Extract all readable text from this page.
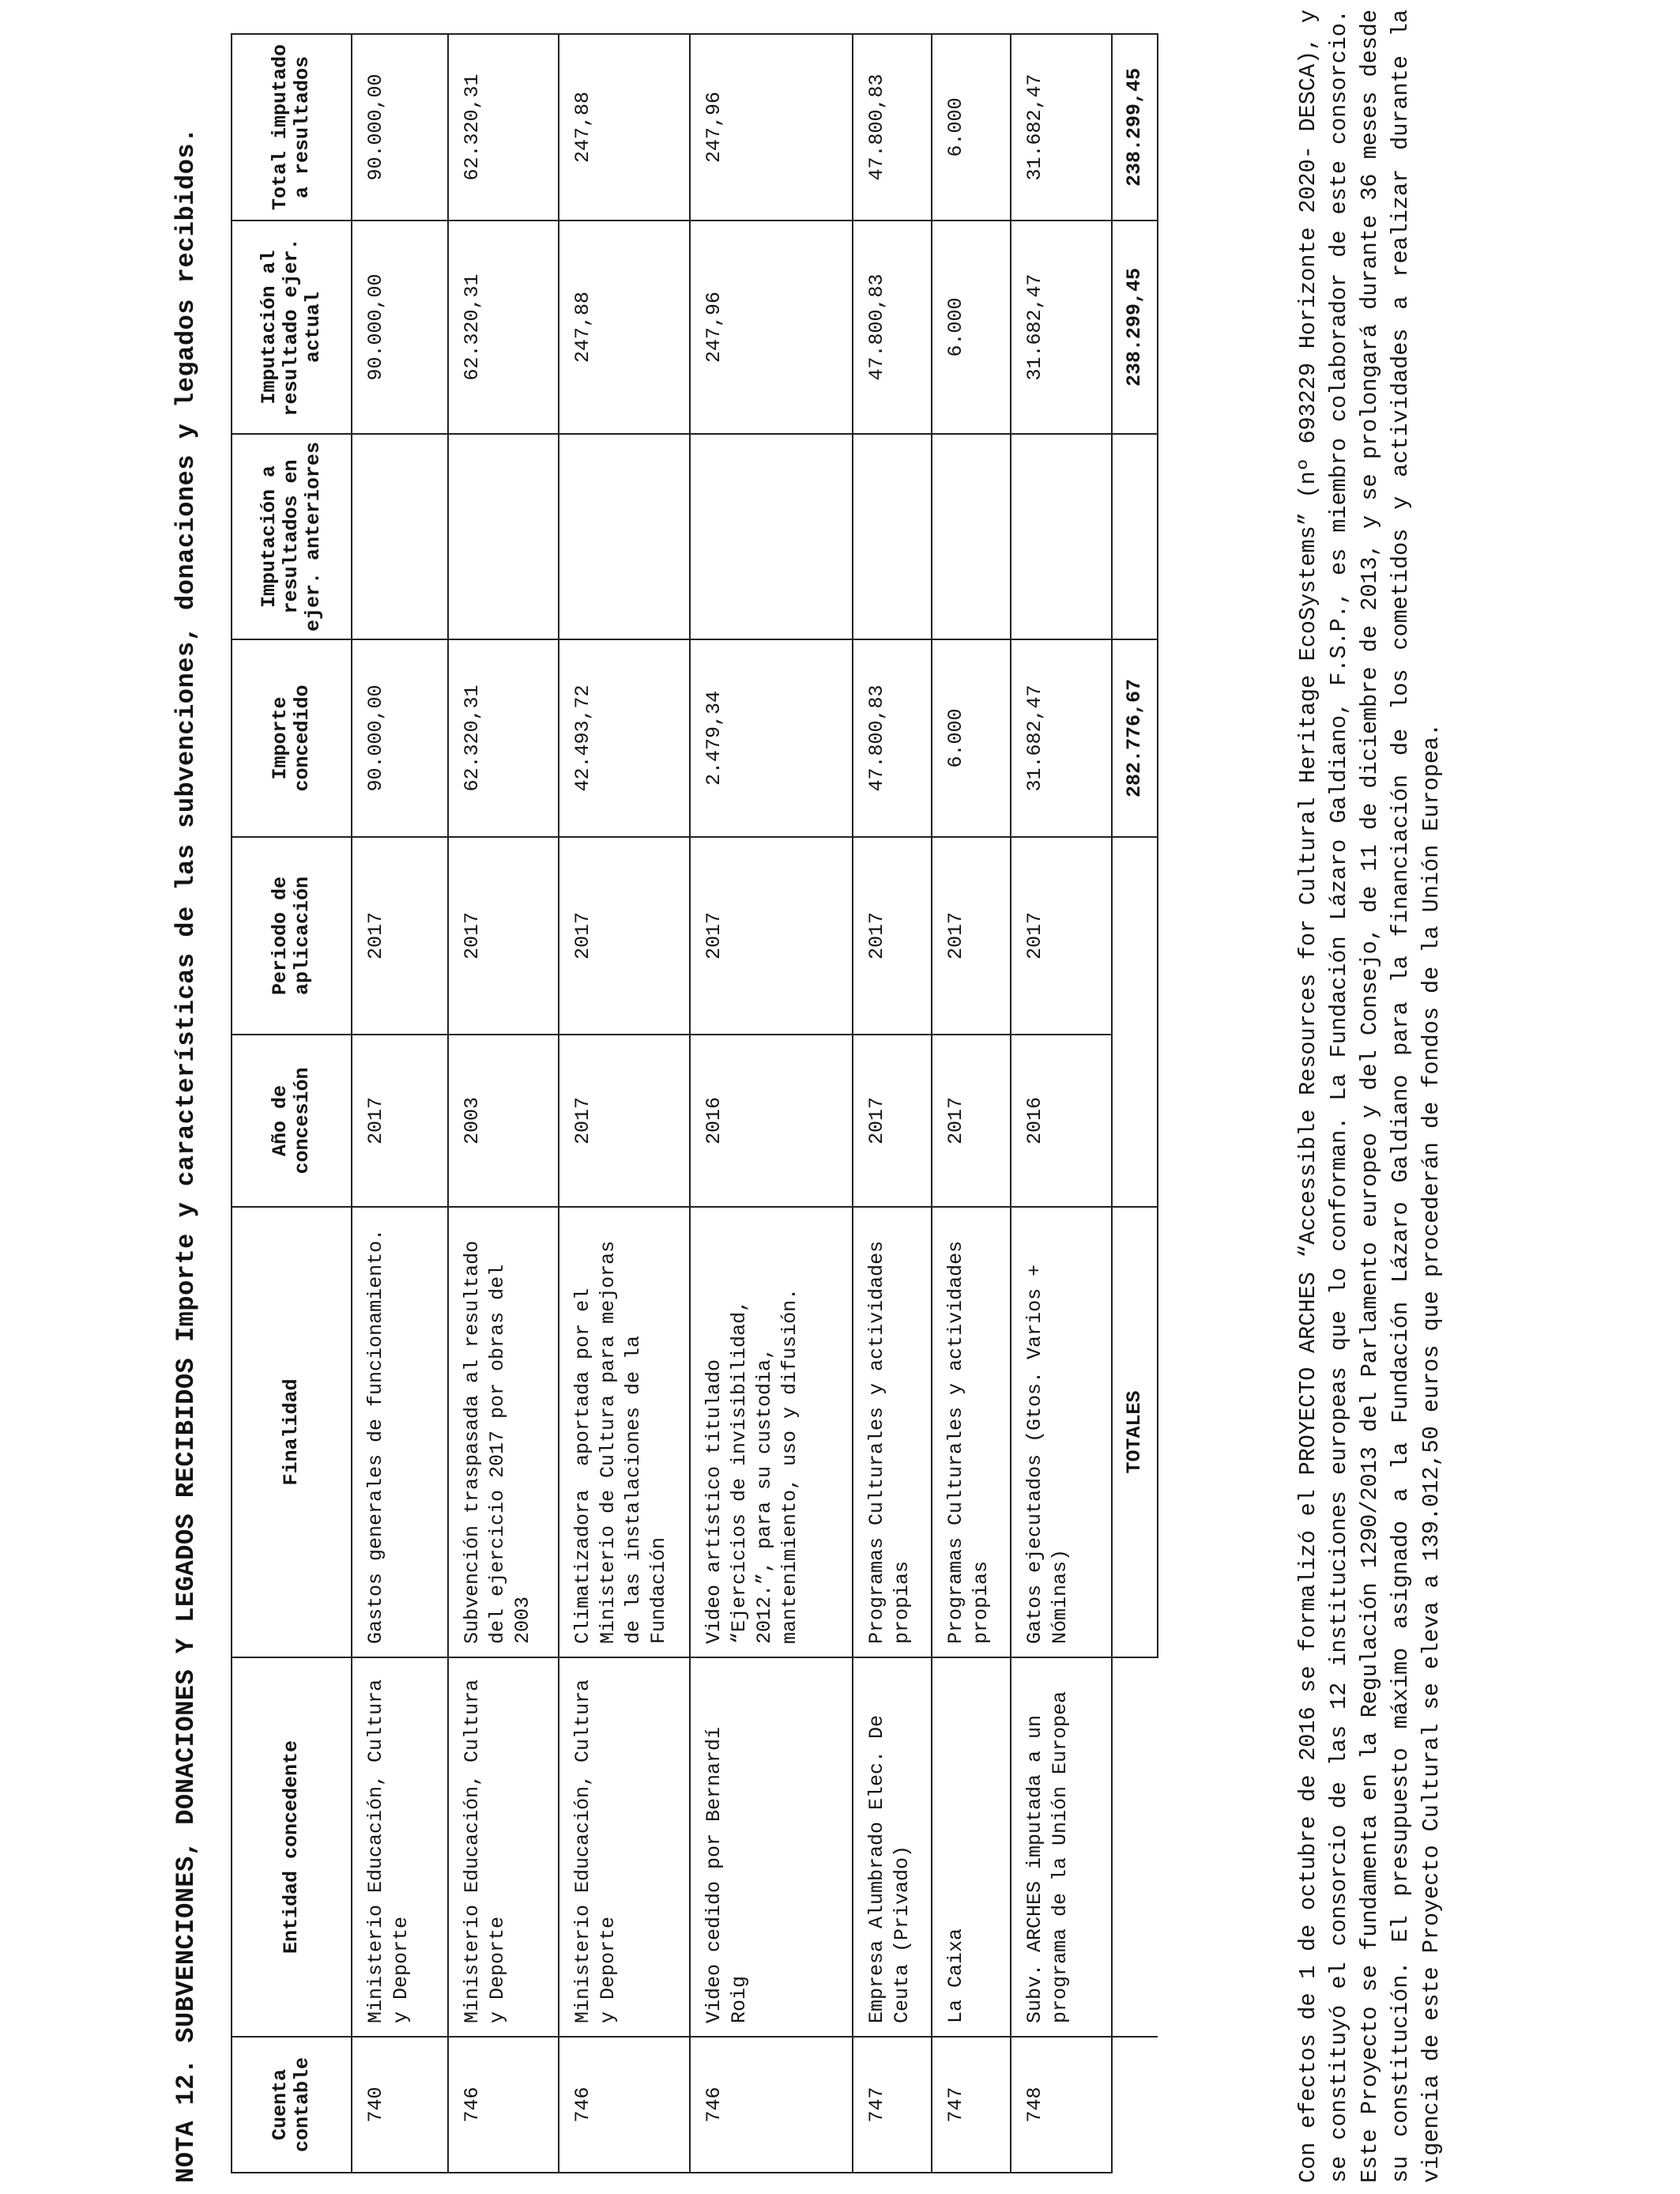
NOTA 12. SUBVENCIONES, DONACIONES Y LEGADOS RECIBIDOS Importe y características de las subvenciones, donaciones y legados recibidos.
Cuenta contable	Entidad concedente	Finalidad	Año de concesión	Periodo de aplicación	Importe concedido	Imputación a resultados en ejer. anteriores	Imputación al resultado ejer. actual	Total imputado a resultados
740	Ministerio Educación, Cultura y Deporte	Gastos generales de funcionamiento.	2017	2017	90.000,00		90.000,00	90.000,00
746	Ministerio Educación, Cultura y Deporte	Subvención traspasada al resultado del ejercicio 2017 por obras del 2003	2003	2017	62.320,31		62.320,31	62.320,31
746	Ministerio Educación, Cultura y Deporte	Climatizadora  aportada por el Ministerio de Cultura para mejoras de las instalaciones de la Fundación	2017	2017	42.493,72		247,88	247,88
746	Video cedido por Bernardí Roig	Video artístico titulado “Ejercicios de invisibilidad, 2012.”, para su custodia, mantenimiento, uso y difusión.	2016	2017	2.479,34		247,96	247,96
747	Empresa Alumbrado Elec. De Ceuta (Privado)	Programas Culturales y actividades propias	2017	2017	47.800,83		47.800,83	47.800,83
747	La Caixa	Programas Culturales y actividades propias	2017	2017	6.000		6.000	6.000
748	Subv. ARCHES imputada a un programa de la Unión Europea	Gatos ejecutados (Gtos. Varios + Nóminas)	2016	2017	31.682,47		31.682,47	31.682,47
		TOTALES			282.776,67		238.299,45	238.299,45	Con efectos de 1 de octubre de 2016 se formalizó el PROYECTO ARCHES “Accessible Resources for Cultural Heritage EcoSystems” (nº 693229 Horizonte 2020- DESCA), y se constituyó el consorcio de las 12 instituciones europeas que lo conforman. La Fundación Lázaro Galdiano, F.S.P., es miembro colaborador de este consorcio. Este Proyecto se fundamenta en la Regulación 1290/2013 del Parlamento europeo y del Consejo, de 11 de diciembre de 2013, y se prolongará durante 36 meses desde su constitución. El presupuesto máximo asignado a la Fundación Lázaro Galdiano para la financiación de los cometidos y actividades a realizar durante la vigencia de este Proyecto Cultural se eleva a 139.012,50 euros que procederán de fondos de la Unión Europea.
